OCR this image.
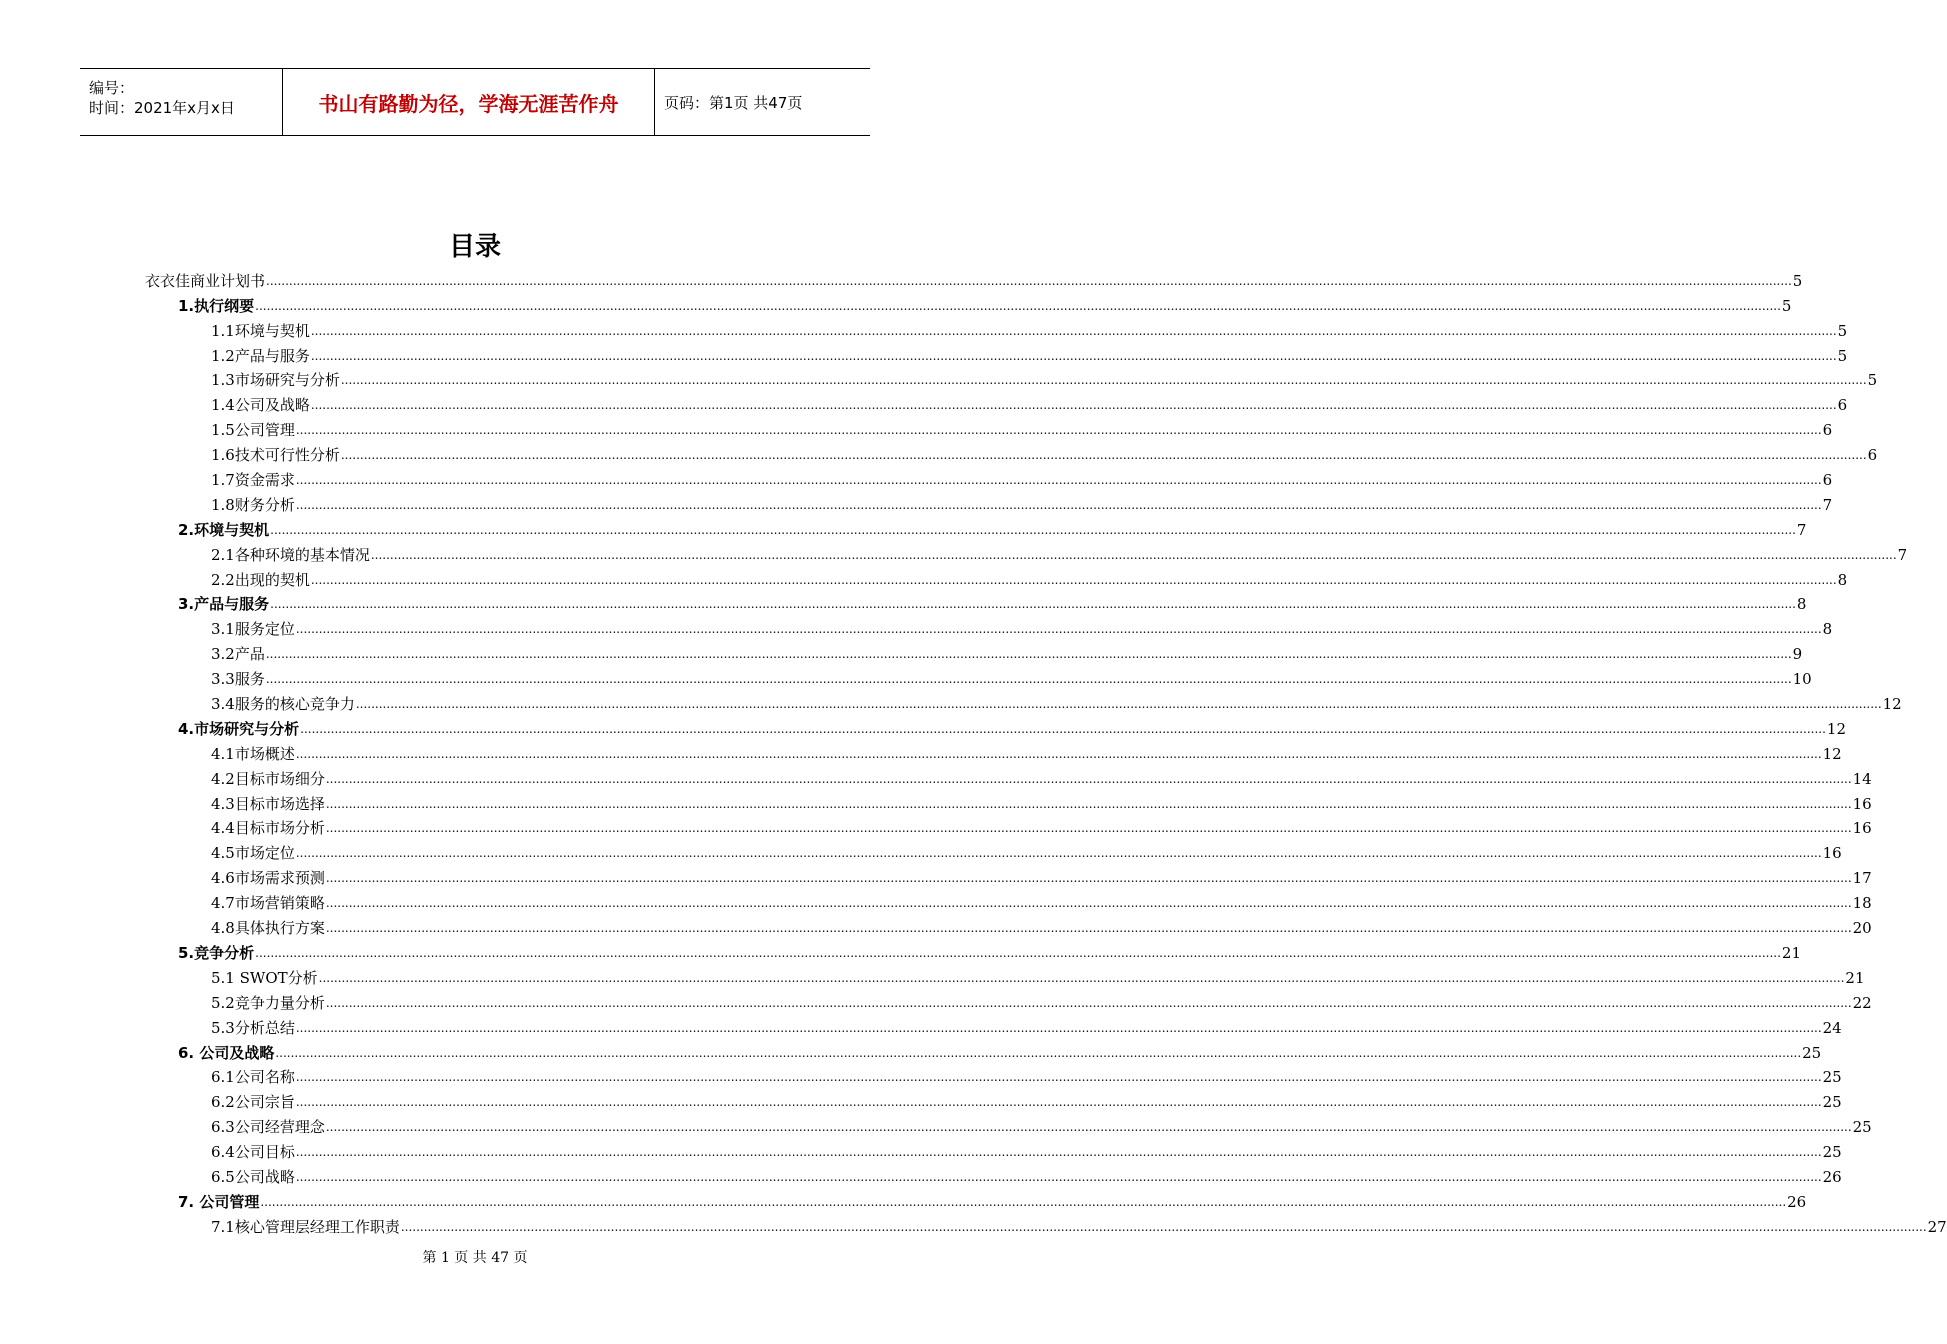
编号：
时间：2021年x月x日	书山有路勤为径，学海无涯苦作舟	页码：第1页 共47页
目录
衣衣佳商业计划书 ................................................................................................................................................................................................................................................................................................................................................................................................................ 5
1.执行纲要 ................................................................................................................................................................................................................................................................................................................................................................................................................ 5
1.1环境与契机 ................................................................................................................................................................................................................................................................................................................................................................................................................ 5
1.2产品与服务 ................................................................................................................................................................................................................................................................................................................................................................................................................ 5
1.3市场研究与分析 ................................................................................................................................................................................................................................................................................................................................................................................................................ 5
1.4公司及战略 ................................................................................................................................................................................................................................................................................................................................................................................................................ 6
1.5公司管理 ................................................................................................................................................................................................................................................................................................................................................................................................................ 6
1.6技术可行性分析 ................................................................................................................................................................................................................................................................................................................................................................................................................ 6
1.7资金需求 ................................................................................................................................................................................................................................................................................................................................................................................................................ 6
1.8财务分析 ................................................................................................................................................................................................................................................................................................................................................................................................................ 7
2.环境与契机 ................................................................................................................................................................................................................................................................................................................................................................................................................ 7
2.1各种环境的基本情况 ................................................................................................................................................................................................................................................................................................................................................................................................................ 7
2.2出现的契机 ................................................................................................................................................................................................................................................................................................................................................................................................................ 8
3.产品与服务 ................................................................................................................................................................................................................................................................................................................................................................................................................ 8
3.1服务定位 ................................................................................................................................................................................................................................................................................................................................................................................................................ 8
3.2产品 ................................................................................................................................................................................................................................................................................................................................................................................................................ 9
3.3服务 ................................................................................................................................................................................................................................................................................................................................................................................................................ 10
3.4服务的核心竞争力 ................................................................................................................................................................................................................................................................................................................................................................................................................ 12
4.市场研究与分析 ................................................................................................................................................................................................................................................................................................................................................................................................................ 12
4.1市场概述 ................................................................................................................................................................................................................................................................................................................................................................................................................ 12
4.2目标市场细分 ................................................................................................................................................................................................................................................................................................................................................................................................................ 14
4.3目标市场选择 ................................................................................................................................................................................................................................................................................................................................................................................................................ 16
4.4目标市场分析 ................................................................................................................................................................................................................................................................................................................................................................................................................ 16
4.5市场定位 ................................................................................................................................................................................................................................................................................................................................................................................................................ 16
4.6市场需求预测 ................................................................................................................................................................................................................................................................................................................................................................................................................ 17
4.7市场营销策略 ................................................................................................................................................................................................................................................................................................................................................................................................................ 18
4.8具体执行方案 ................................................................................................................................................................................................................................................................................................................................................................................................................ 20
5.竞争分析 ................................................................................................................................................................................................................................................................................................................................................................................................................ 21
5.1 SWOT分析 ................................................................................................................................................................................................................................................................................................................................................................................................................ 21
5.2竞争力量分析 ................................................................................................................................................................................................................................................................................................................................................................................................................ 22
5.3分析总结 ................................................................................................................................................................................................................................................................................................................................................................................................................ 24
6. 公司及战略 ................................................................................................................................................................................................................................................................................................................................................................................................................ 25
6.1公司名称 ................................................................................................................................................................................................................................................................................................................................................................................................................ 25
6.2公司宗旨 ................................................................................................................................................................................................................................................................................................................................................................................................................ 25
6.3公司经营理念 ................................................................................................................................................................................................................................................................................................................................................................................................................ 25
6.4公司目标 ................................................................................................................................................................................................................................................................................................................................................................................................................ 25
6.5公司战略 ................................................................................................................................................................................................................................................................................................................................................................................................................ 26
7. 公司管理 ................................................................................................................................................................................................................................................................................................................................................................................................................ 26
7.1核心管理层经理工作职责 ................................................................................................................................................................................................................................................................................................................................................................................................................ 27
第 1 页 共 47 页
